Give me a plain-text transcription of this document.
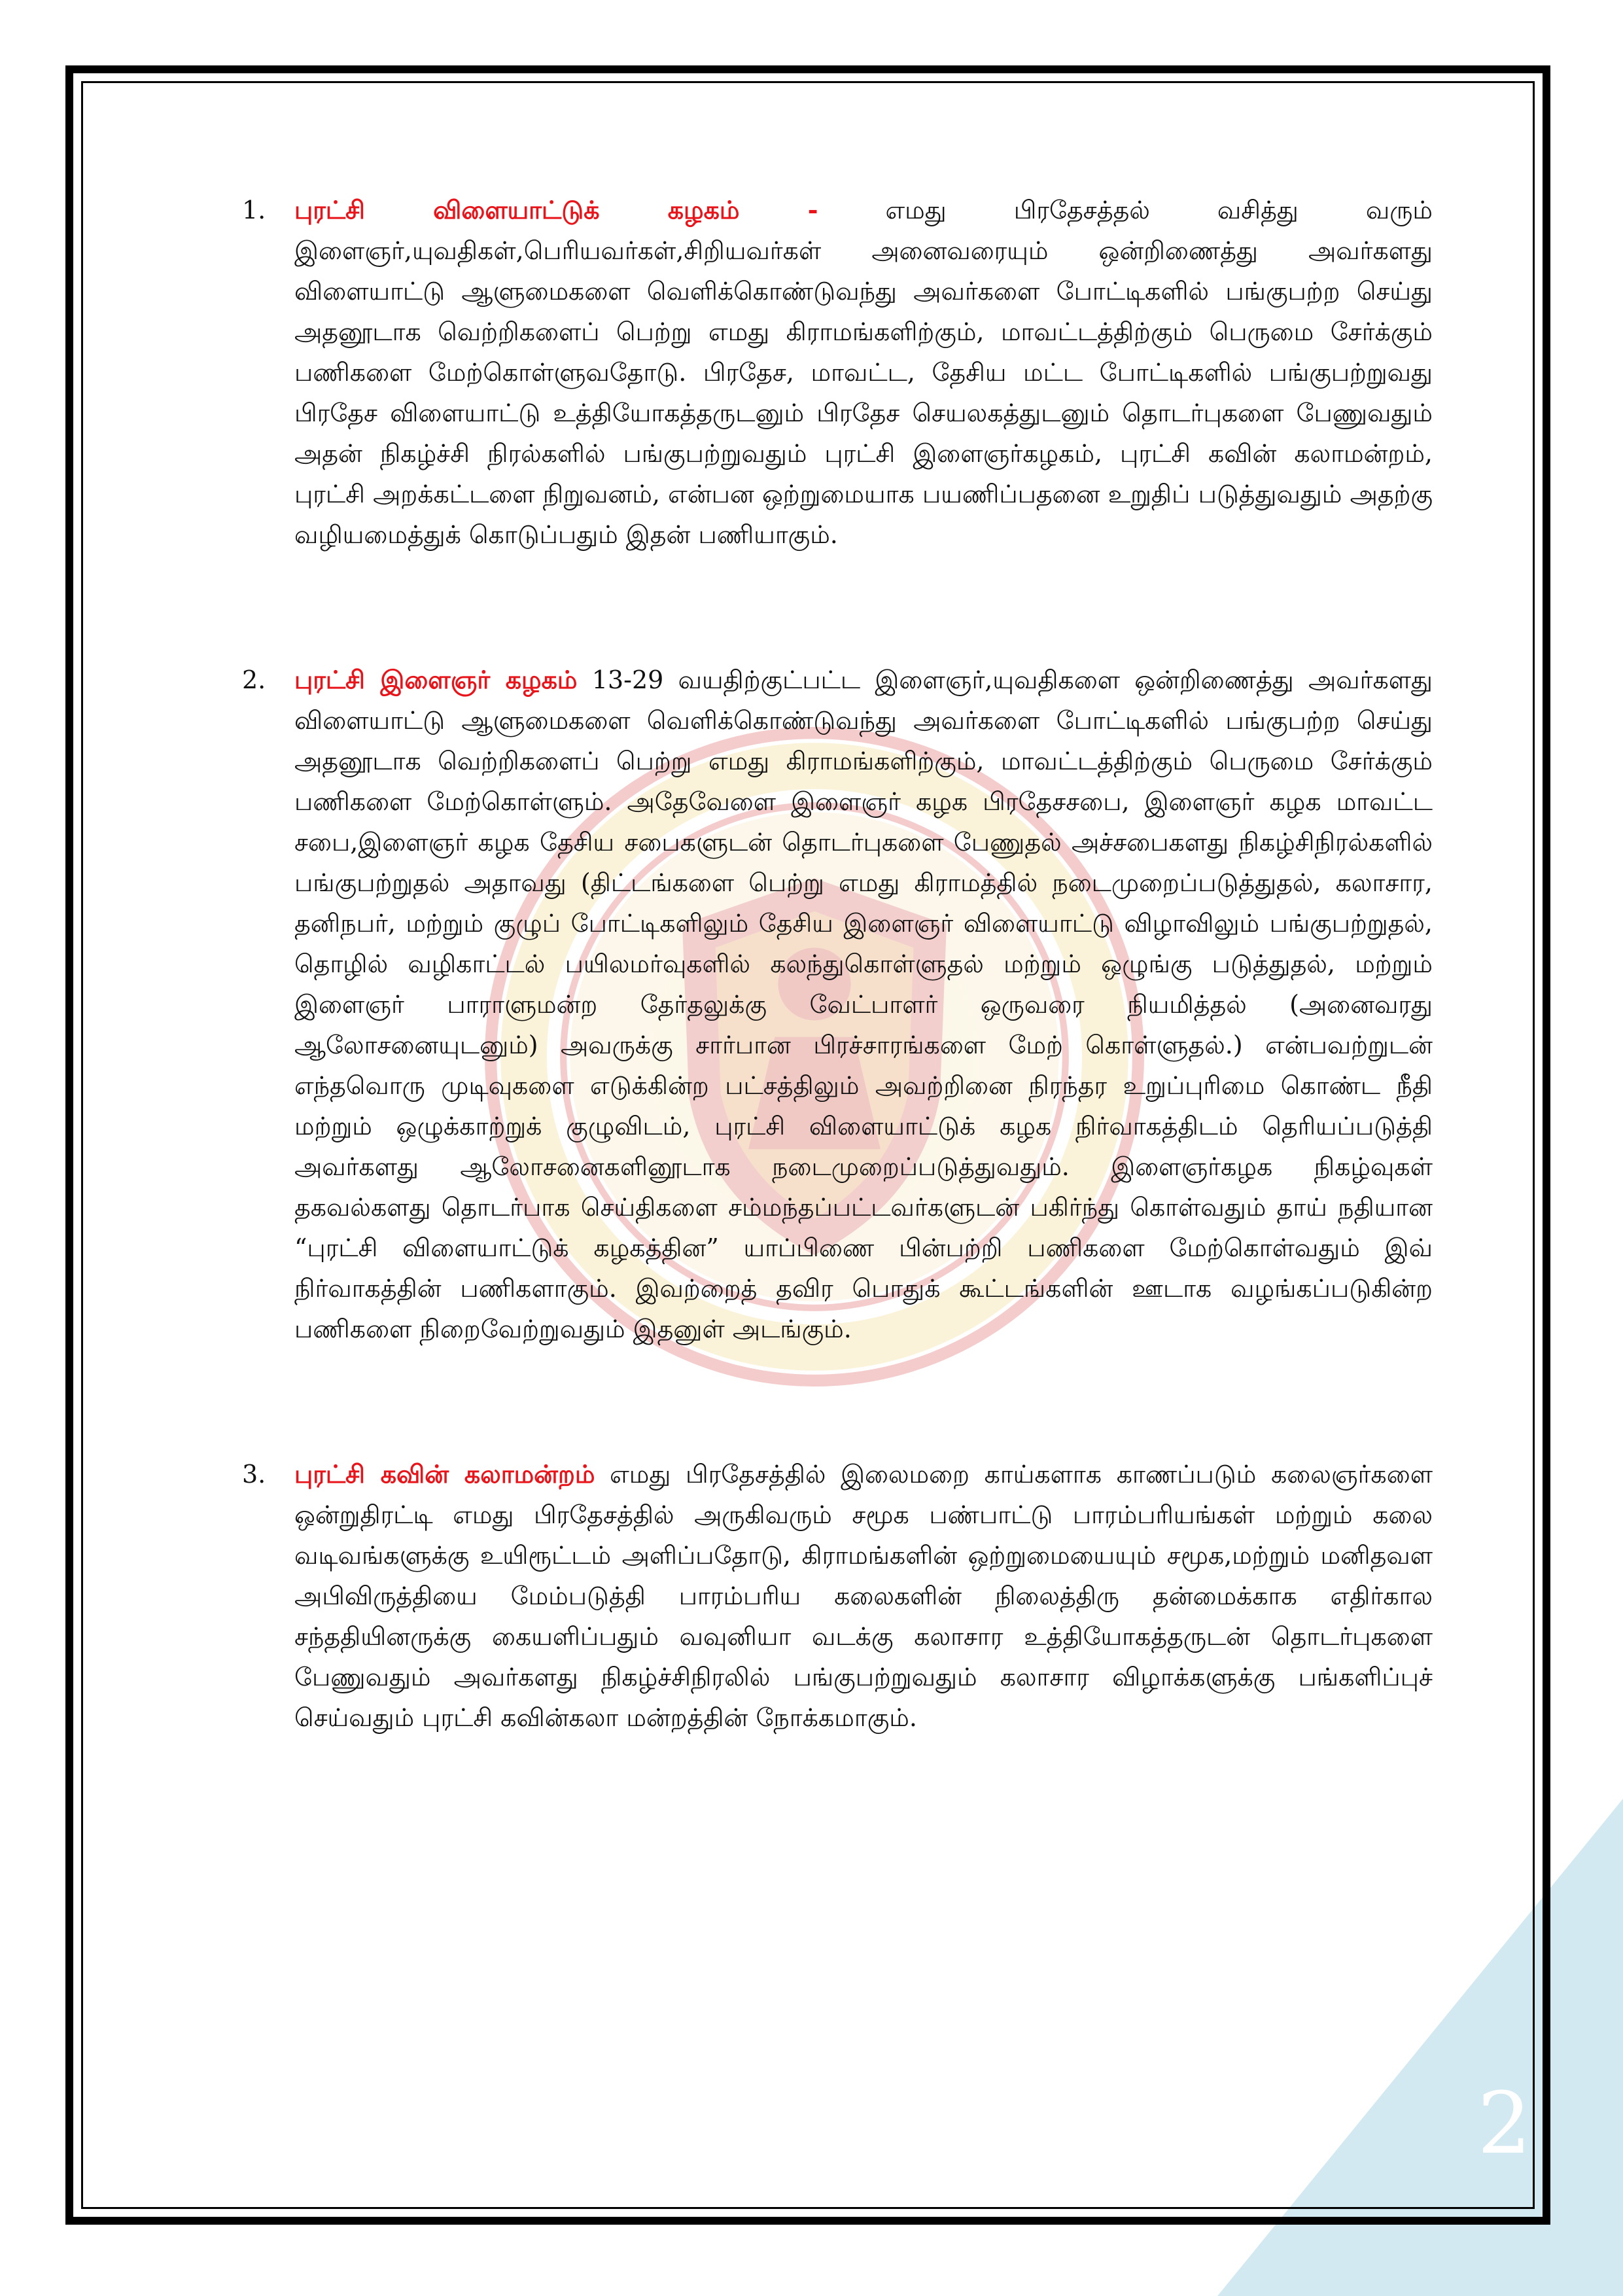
2
1. புரட்சி விளையாட்டுக் கழகம் - எமது பிரதேசத்தல் வசித்து வரும் இளைஞர்,யுவதிகள்,பெரியவர்கள்,சிறியவர்கள் அனைவரையும் ஒன்றிணைத்து அவர்களது விளையாட்டு ஆளுமைகளை வெளிக்கொண்டுவந்து அவர்களை போட்டிகளில் பங்குபற்ற செய்து அதனூடாக வெற்றிகளைப் பெற்று எமது கிராமங்களிற்கும், மாவட்டத்திற்கும் பெருமை சேர்க்கும் பணிகளை மேற்கொள்ளுவதோடு. பிரதேச, மாவட்ட, தேசிய மட்ட போட்டிகளில் பங்குபற்றுவது பிரதேச விளையாட்டு உத்தியோகத்தருடனும் பிரதேச செயலகத்துடனும் தொடர்புகளை பேணுவதும் அதன் நிகழ்ச்சி நிரல்களில் பங்குபற்றுவதும் புரட்சி இளைஞர்கழகம், புரட்சி கவின் கலாமன்றம், புரட்சி அறக்கட்டளை நிறுவனம், என்பன ஒற்றுமையாக பயணிப்பதனை உறுதிப் படுத்துவதும் அதற்கு வழியமைத்துக் கொடுப்பதும் இதன் பணியாகும்.
2. புரட்சி இளைஞர் கழகம் 13-29 வயதிற்குட்பட்ட இளைஞர்,யுவதிகளை ஒன்றிணைத்து அவர்களது விளையாட்டு ஆளுமைகளை வெளிக்கொண்டுவந்து அவர்களை போட்டிகளில் பங்குபற்ற செய்து அதனூடாக வெற்றிகளைப் பெற்று எமது கிராமங்களிற்கும், மாவட்டத்திற்கும் பெருமை சேர்க்கும் பணிகளை மேற்கொள்ளும். அதேவேளை இளைஞர் கழக பிரதேசசபை, இளைஞர் கழக மாவட்ட சபை,இளைஞர் கழக தேசிய சபைகளுடன் தொடர்புகளை பேணுதல் அச்சபைகளது நிகழ்சிநிரல்களில் பங்குபற்றுதல் அதாவது (திட்டங்களை பெற்று எமது கிராமத்தில் நடைமுறைப்படுத்துதல், கலாசார, தனிநபர், மற்றும் குழுப் போட்டிகளிலும் தேசிய இளைஞர் விளையாட்டு விழாவிலும் பங்குபற்றுதல், தொழில் வழிகாட்டல் பயிலமர்வுகளில் கலந்துகொள்ளுதல் மற்றும் ஒழுங்கு படுத்துதல், மற்றும் இளைஞர் பாராளுமன்ற தேர்தலுக்கு வேட்பாளர் ஒருவரை நியமித்தல் (அனைவரது ஆலோசனையுடனும்) அவருக்கு சார்பான பிரச்சாரங்களை மேற் கொள்ளுதல்.) என்பவற்றுடன் எந்தவொரு முடிவுகளை எடுக்கின்ற பட்சத்திலும் அவற்றினை நிரந்தர உறுப்புரிமை கொண்ட நீதி மற்றும் ஒழுக்காற்றுக் குழுவிடம், புரட்சி விளையாட்டுக் கழக நிர்வாகத்திடம் தெரியப்படுத்தி அவர்களது ஆலோசனைகளினூடாக நடைமுறைப்படுத்துவதும். இளைஞர்கழக நிகழ்வுகள் தகவல்களது தொடர்பாக செய்திகளை சம்மந்தப்பட்டவர்களுடன் பகிர்ந்து கொள்வதும் தாய் நதியான “புரட்சி விளையாட்டுக் கழகத்தின” யாப்பிணை பின்பற்றி பணிகளை மேற்கொள்வதும் இவ் நிர்வாகத்தின் பணிகளாகும். இவற்றைத் தவிர பொதுக் கூட்டங்களின் ஊடாக வழங்கப்படுகின்ற பணிகளை நிறைவேற்றுவதும் இதனுள் அடங்கும்.
3. புரட்சி கவின் கலாமன்றம் எமது பிரதேசத்தில் இலைமறை காய்களாக காணப்படும் கலைஞர்களை ஒன்றுதிரட்டி எமது பிரதேசத்தில் அருகிவரும் சமூக பண்பாட்டு பாரம்பரியங்கள் மற்றும் கலை வடிவங்களுக்கு உயிரூட்டம் அளிப்பதோடு, கிராமங்களின் ஒற்றுமையையும் சமூக,மற்றும் மனிதவள அபிவிருத்தியை மேம்படுத்தி பாரம்பரிய கலைகளின் நிலைத்திரு தன்மைக்காக எதிர்கால சந்ததியினருக்கு கையளிப்பதும் வவுனியா வடக்கு கலாசார உத்தியோகத்தருடன் தொடர்புகளை பேணுவதும் அவர்களது நிகழ்ச்சிநிரலில் பங்குபற்றுவதும் கலாசார விழாக்களுக்கு பங்களிப்புச் செய்வதும் புரட்சி கவின்கலா மன்றத்தின் நோக்கமாகும்.
